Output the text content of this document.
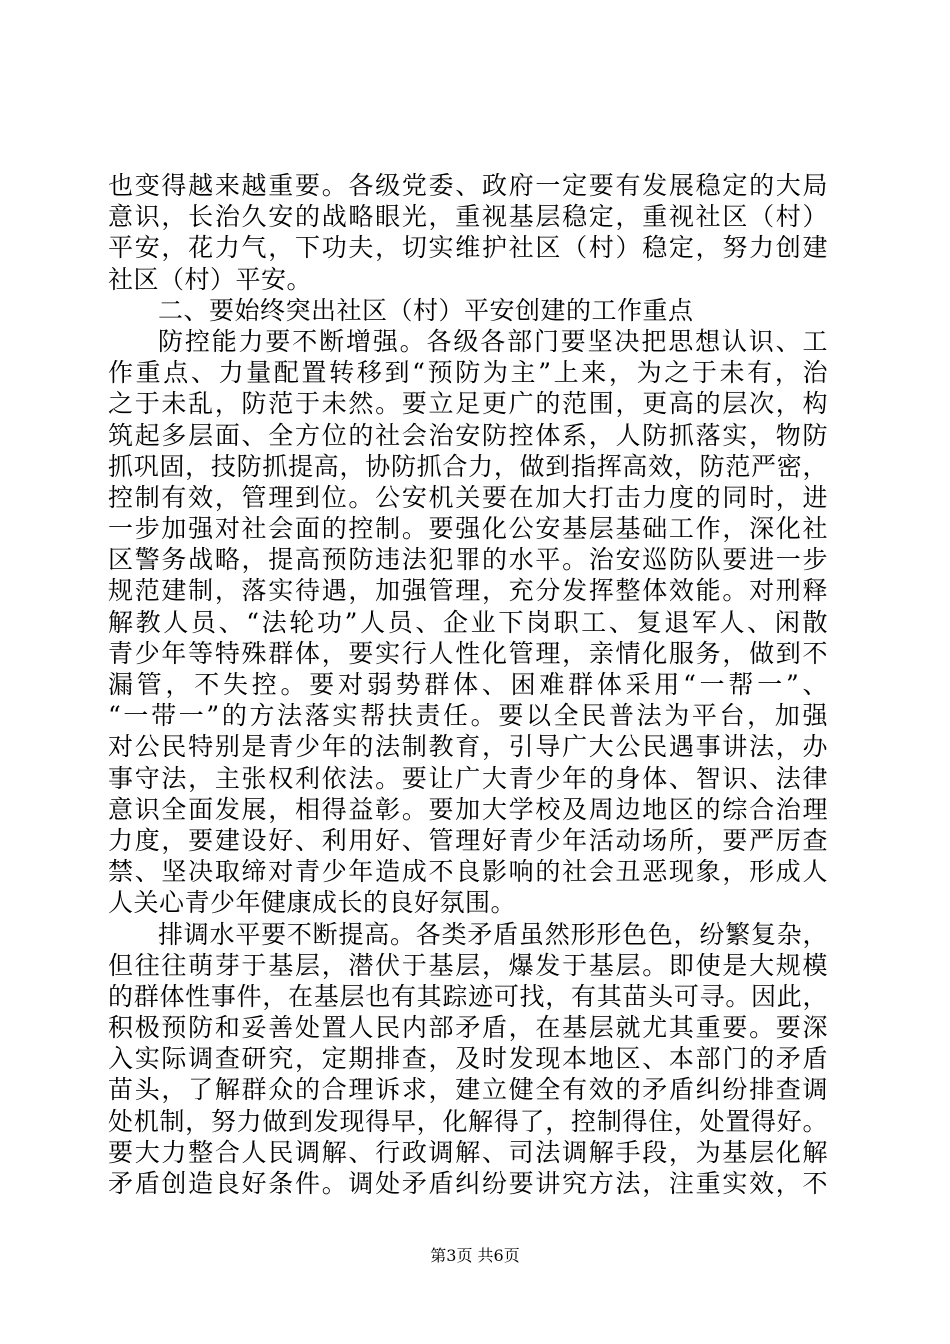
也变得越来越重要。各级党委、政府一定要有发展稳定的大局
意识，长治久安的战略眼光，重视基层稳定，重视社区（村）
平安，花力气，下功夫，切实维护社区（村）稳定，努力创建
社区（村）平安。
二、要始终突出社区（村）平安创建的工作重点
防控能力要不断增强。各级各部门要坚决把思想认识、工
作重点、力量配置转移到“预防为主”上来，为之于未有，治
之于未乱，防范于未然。要立足更广的范围，更高的层次，构
筑起多层面、全方位的社会治安防控体系，人防抓落实，物防
抓巩固，技防抓提高，协防抓合力，做到指挥高效，防范严密，
控制有效，管理到位。公安机关要在加大打击力度的同时，进
一步加强对社会面的控制。要强化公安基层基础工作，深化社
区警务战略，提高预防违法犯罪的水平。治安巡防队要进一步
规范建制，落实待遇，加强管理，充分发挥整体效能。对刑释
解教人员、“法轮功”人员、企业下岗职工、复退军人、闲散
青少年等特殊群体，要实行人性化管理，亲情化服务，做到不
漏管，不失控。要对弱势群体、困难群体采用“一帮一”、
“一带一”的方法落实帮扶责任。要以全民普法为平台，加强
对公民特别是青少年的法制教育，引导广大公民遇事讲法，办
事守法，主张权利依法。要让广大青少年的身体、智识、法律
意识全面发展，相得益彰。要加大学校及周边地区的综合治理
力度，要建设好、利用好、管理好青少年活动场所，要严厉查
禁、坚决取缔对青少年造成不良影响的社会丑恶现象，形成人
人关心青少年健康成长的良好氛围。
排调水平要不断提高。各类矛盾虽然形形色色，纷繁复杂，
但往往萌芽于基层，潜伏于基层，爆发于基层。即使是大规模
的群体性事件，在基层也有其踪迹可找，有其苗头可寻。因此，
积极预防和妥善处置人民内部矛盾，在基层就尤其重要。要深
入实际调查研究，定期排查，及时发现本地区、本部门的矛盾
苗头，了解群众的合理诉求，建立健全有效的矛盾纠纷排查调
处机制，努力做到发现得早，化解得了，控制得住，处置得好。
要大力整合人民调解、行政调解、司法调解手段，为基层化解
矛盾创造良好条件。调处矛盾纠纷要讲究方法，注重实效，不
第3页 共6页
